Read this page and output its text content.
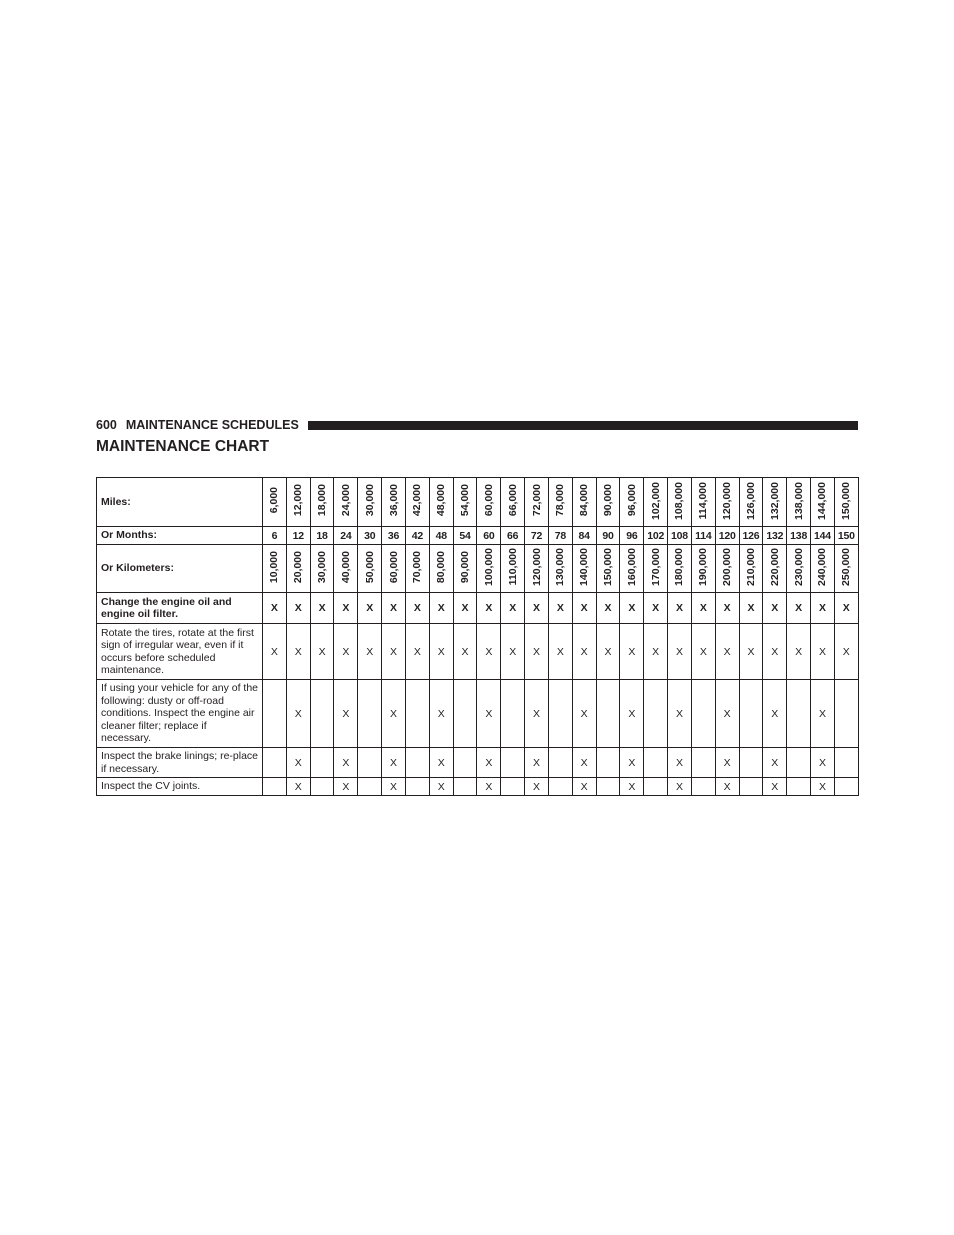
600 MAINTENANCE SCHEDULES
MAINTENANCE CHART
Miles:	6,000	12,000	18,000	24,000	30,000	36,000	42,000	48,000	54,000	60,000	66,000	72,000	78,000	84,000	90,000	96,000	102,000	108,000	114,000	120,000	126,000	132,000	138,000	144,000	150,000
Or Months:	6	12	18	24	30	36	42	48	54	60	66	72	78	84	90	96	102	108	114	120	126	132	138	144	150
Or Kilometers:	10,000	20,000	30,000	40,000	50,000	60,000	70,000	80,000	90,000	100,000	110,000	120,000	130,000	140,000	150,000	160,000	170,000	180,000	190,000	200,000	210,000	220,000	230,000	240,000	250,000
Change the engine oil and engine oil filter.	X	X	X	X	X	X	X	X	X	X	X	X	X	X	X	X	X	X	X	X	X	X	X	X	X
Rotate the tires, rotate at the first sign of irregular wear, even if it occurs before scheduled maintenance.	X	X	X	X	X	X	X	X	X	X	X	X	X	X	X	X	X	X	X	X	X	X	X	X	X
If using your vehicle for any of the following: dusty or off-road conditions. Inspect the engine air cleaner filter; replace if necessary.		X		X		X		X		X		X		X		X		X		X		X		X	
Inspect the brake linings; re-place if necessary.		X		X		X		X		X		X		X		X		X		X		X		X	
Inspect the CV joints.		X		X		X		X		X		X		X		X		X		X		X		X	
